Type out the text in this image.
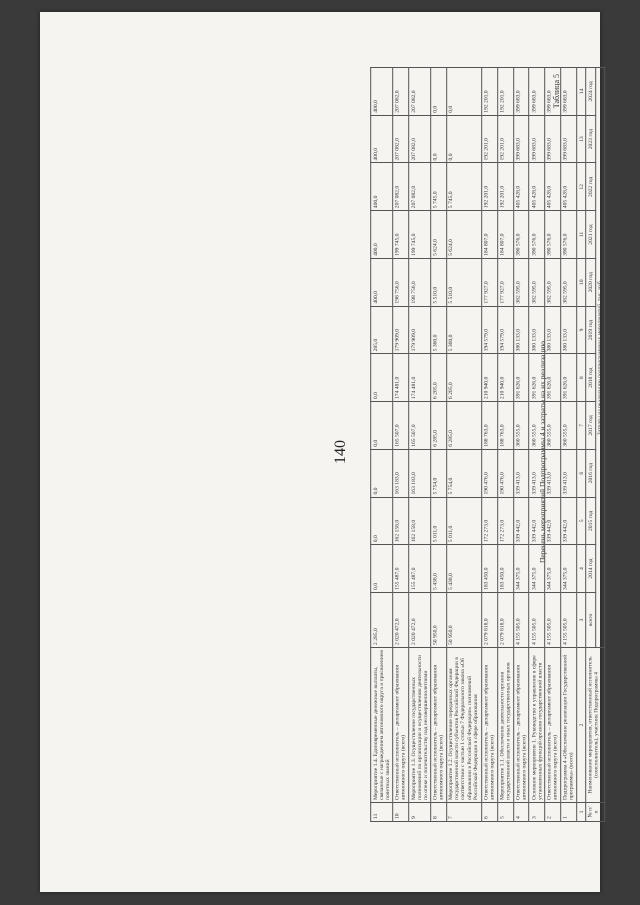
Таблица 5
Перечень мероприятий Подпрограммы 4 и затраты на их реализацию
140
№ п/п	Наименование мероприятия, ответственный исполнитель (соисполнитель), участник Подпрограммы 4	Затраты на реализацию подпрограммных мероприятий, тыс. руб.											
		всего	2014 год	2015 год	2016 год	2017 год	2018 год	2019 год	2020 год	2021 год	2022 год	2023 год	2024 год
1	2	3	4	5	6	7	8	9	10	11	12	13	14
1	Подпрограмма 4 «Обеспечение реализации Государственной программы» (всего)	4 155 505,0	344 375,0	339 442,0	339 413,0	360 555,0	391 626,0	380 133,0	382 595,0	390 576,0	405 428,0	399 683,0	399 683,0
2	Ответственный исполнитель – департамент образования автономного округа (всего)	4 155 505,0	344 375,0	339 442,0	339 413,0	360 555,0	391 626,0	380 133,0	382 595,0	390 576,0	405 428,0	399 683,0	399 683,0
3	Основное мероприятие 1. Руководство и управление в сфере установленных функций органов государственной власти	4 155 505,0	344 375,0	339 442,0	339 413,0	360 555,0	391 626,0	380 133,0	382 595,0	390 576,0	405 428,0	399 683,0	399 683,0
4	Ответственный исполнитель – департамент образования автономного округа (всего)	4 155 505,0	344 375,0	339 442,0	339 413,0	360 555,0	391 626,0	380 133,0	382 595,0	390 576,0	405 428,0	399 683,0	399 683,0
5	Мероприятие 1.1. Обеспечение деятельности органов государственной власти и иных государственных органов	2 079 818,0	183 450,0	172 273,0	190 476,0	188 763,0	210 940,0	194 579,0	177 927,0	184 807,0	192 201,0	192 201,0	192 201,0
6	Ответственный исполнитель – департамент образования автономного округа (всего)	2 079 818,0	183 450,0	172 273,0	190 476,0	188 763,0	210 940,0	194 579,0	177 927,0	184 807,0	192 201,0	192 201,0	192 201,0
7	Мероприятие 1.2. Осуществление переданных органам государственной власти субъектов Российской Федерации в соответствии с частью 1 статьи 7 Федерального закона «Об образовании в Российской Федерации» полномочий Российской Федерации в сфере образования	50 950,0	5 438,0	5 011,0	5 754,0	6 285,0	6 205,0	5 360,0	5 510,0	5 624,0	5 745,0	0,0	0,0
8	Ответственный исполнитель – департамент образования автономного округа (всего)	50 950,0	5 438,0	5 011,0	5 754,0	6 285,0	6 205,0	5 360,0	5 510,0	5 624,0	5 745,0	0,0	0,0
9	Мероприятие 1.3. Осуществление государственных полномочий по организации и осуществлению деятельности по опеке и попечительству над несовершеннолетними	2 020 472,0	155 487,0	162 158,0	163 183,0	165 507,0	174 481,0	179 909,0	198 756,0	199 745,0	207 082,0	207 082,0	207 082,0
10	Ответственный исполнитель – департамент образования автономного округа (всего)	2 020 472,0	155 487,0	162 158,0	163 183,0	165 507,0	174 481,0	179 909,0	198 756,0	199 745,0	207 082,0	207 082,0	207 082,0
11	Мероприятие 1.4. Единовременные денежные выплаты, связанные с награждением автономного округа и присвоением почетных званий	2 285,0	0,0	0,0	0,0	0,0	0,0	285,0	400,0	400,0	400,0	400,0	400,0
